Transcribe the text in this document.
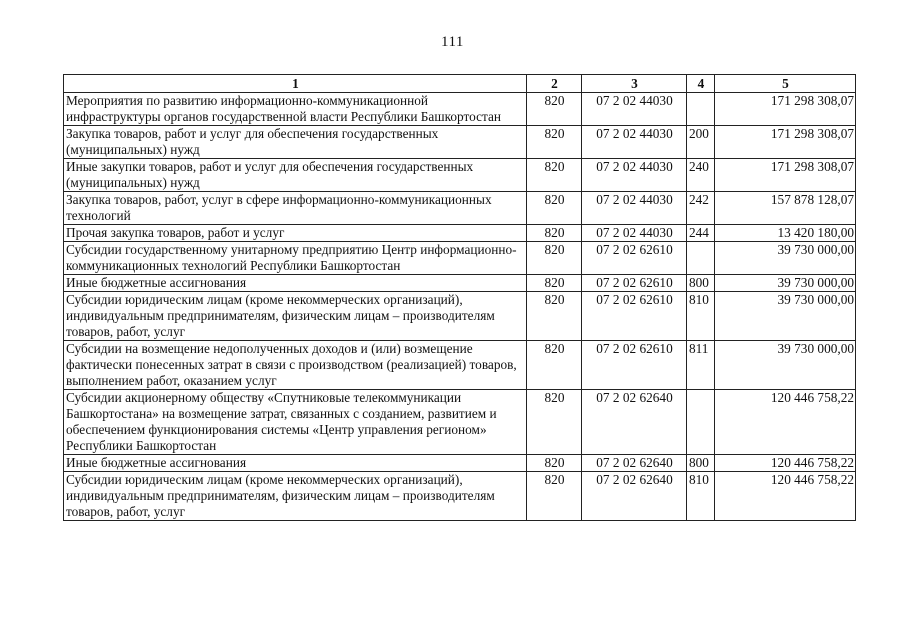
111
1	2	3	4	5
Мероприятия по развитию информационно-коммуникационной инфраструктуры органов государственной власти Республики Башкортостан	820	07 2 02 44030		171 298 308,07
Закупка товаров, работ и услуг для обеспечения государственных (муниципальных) нужд	820	07 2 02 44030	200	171 298 308,07
Иные закупки товаров, работ и услуг для обеспечения государственных (муниципальных) нужд	820	07 2 02 44030	240	171 298 308,07
Закупка товаров, работ, услуг в сфере информационно-коммуникационных технологий	820	07 2 02 44030	242	157 878 128,07
Прочая закупка товаров, работ и услуг	820	07 2 02 44030	244	13 420 180,00
Субсидии государственному унитарному предприятию Центр информационно-коммуникационных технологий Республики Башкортостан	820	07 2 02 62610		39 730 000,00
Иные бюджетные ассигнования	820	07 2 02 62610	800	39 730 000,00
Субсидии юридическим лицам (кроме некоммерческих организаций), индивидуальным предпринимателям, физическим лицам – производителям товаров, работ, услуг	820	07 2 02 62610	810	39 730 000,00
Субсидии на возмещение недополученных доходов и (или) возмещение фактически понесенных затрат в связи с производством (реализацией) товаров, выполнением работ, оказанием услуг	820	07 2 02 62610	811	39 730 000,00
Субсидии акционерному обществу «Спутниковые телекоммуникации Башкортостана» на возмещение затрат, связанных с созданием, развитием и обеспечением функционирования системы «Центр управления регионом» Республики Башкортостан	820	07 2 02 62640		120 446 758,22
Иные бюджетные ассигнования	820	07 2 02 62640	800	120 446 758,22
Субсидии юридическим лицам (кроме некоммерческих организаций), индивидуальным предпринимателям, физическим лицам – производителям товаров, работ, услуг	820	07 2 02 62640	810	120 446 758,22
